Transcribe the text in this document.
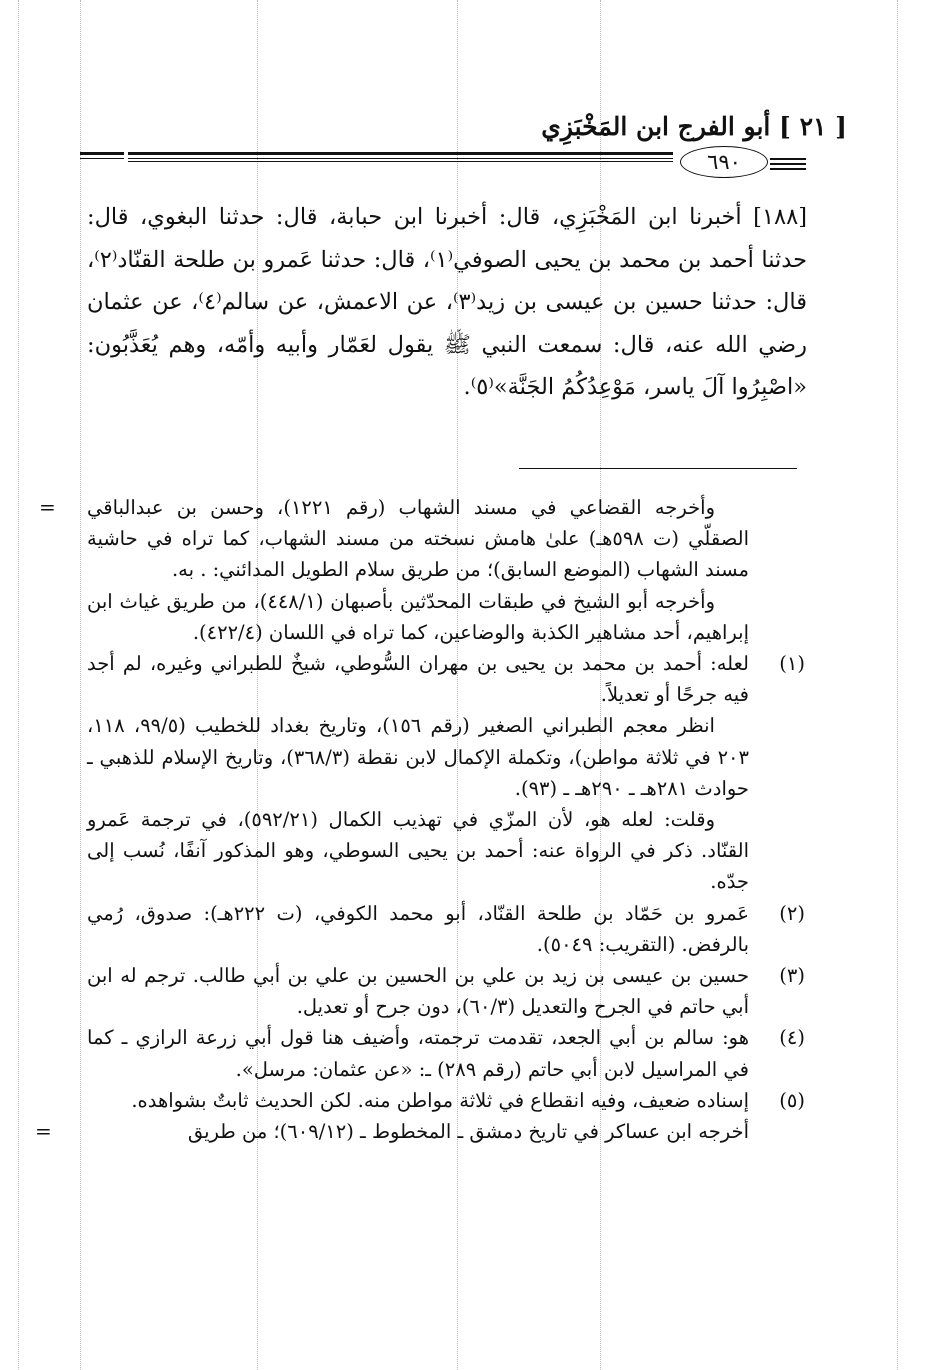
[ ٢١ ] أبو الفرج ابن المَخْبَزِي
٦٩٠

[١٨٨] أخبرنا ابن المَخْبَزِي، قال: أخبرنا ابن حبابة، قال: حدثنا البغوي، قال: حدثنا أحمد بن محمد بن يحيى الصوفي⁽١⁾، قال: حدثنا عَمرو بن طلحة القنّاد⁽٢⁾، قال: حدثنا حسين بن عيسى بن زيد⁽٣⁾، عن الاعمش، عن سالم⁽٤⁾، عن عثمان رضي الله عنه، قال: سمعت النبي ﷺ يقول لعَمّار وأبيه وأمّه، وهم يُعَذَّبُون: «اصْبِرُوا آلَ ياسر، مَوْعِدُكُمُ الجَنَّة»⁽٥⁾.

= وأخرجه القضاعي في مسند الشهاب (رقم ١٢٢١)، وحسن بن عبدالباقي الصقلّي (ت ٥٩٨هـ) علىٰ هامش نسخته من مسند الشهاب، كما تراه في حاشية مسند الشهاب (الموضع السابق)؛ من طريق سلام الطويل المدائني: . به.
وأخرجه أبو الشيخ في طبقات المحدّثين بأصبهان (٤٤٨/١)، من طريق غياث ابن إبراهيم، أحد مشاهير الكذبة والوضاعين، كما تراه في اللسان (٤٢٢/٤).
(١)
لعله: أحمد بن محمد بن يحيى بن مهران السُّوطي، شيخٌ للطبراني وغيره، لم أجد فيه جرحًا أو تعديلاً.
انظر معجم الطبراني الصغير (رقم ١٥٦)، وتاريخ بغداد للخطيب (٩٩/٥، ١١٨، ٢٠٣ في ثلاثة مواطن)، وتكملة الإكمال لابن نقطة (٣٦٨/٣)، وتاريخ الإسلام للذهبي ـ حوادث ٢٨١هـ ـ ٢٩٠هـ ـ (٩٣).
وقلت: لعله هو، لأن المزّي في تهذيب الكمال (٥٩٢/٢١)، في ترجمة عَمرو القنّاد. ذكر في الرواة عنه: أحمد بن يحيى السوطي، وهو المذكور آنفًا، نُسب إلى جدّه.
(٢)
عَمرو بن حَمّاد بن طلحة القنّاد، أبو محمد الكوفي، (ت ٢٢٢هـ): صدوق، رُمي بالرفض. (التقريب: ٥٠٤٩).
(٣)
حسين بن عيسى بن زيد بن علي بن الحسين بن علي بن أبي طالب. ترجم له ابن أبي حاتم في الجرح والتعديل (٦٠/٣)، دون جرح أو تعديل.
(٤)
هو: سالم بن أبي الجعد، تقدمت ترجمته، وأضيف هنا قول أبي زرعة الرازي ـ كما في المراسيل لابن أبي حاتم (رقم ٢٨٩) ـ: «عن عثمان: مرسل».
(٥)
إسناده ضعيف، وفيه انقطاع في ثلاثة مواطن منه. لكن الحديث ثابتٌ بشواهده.
أخرجه ابن عساكر في تاريخ دمشق ـ المخطوط ـ (٦٠٩/١٢)؛ من طريق
=
